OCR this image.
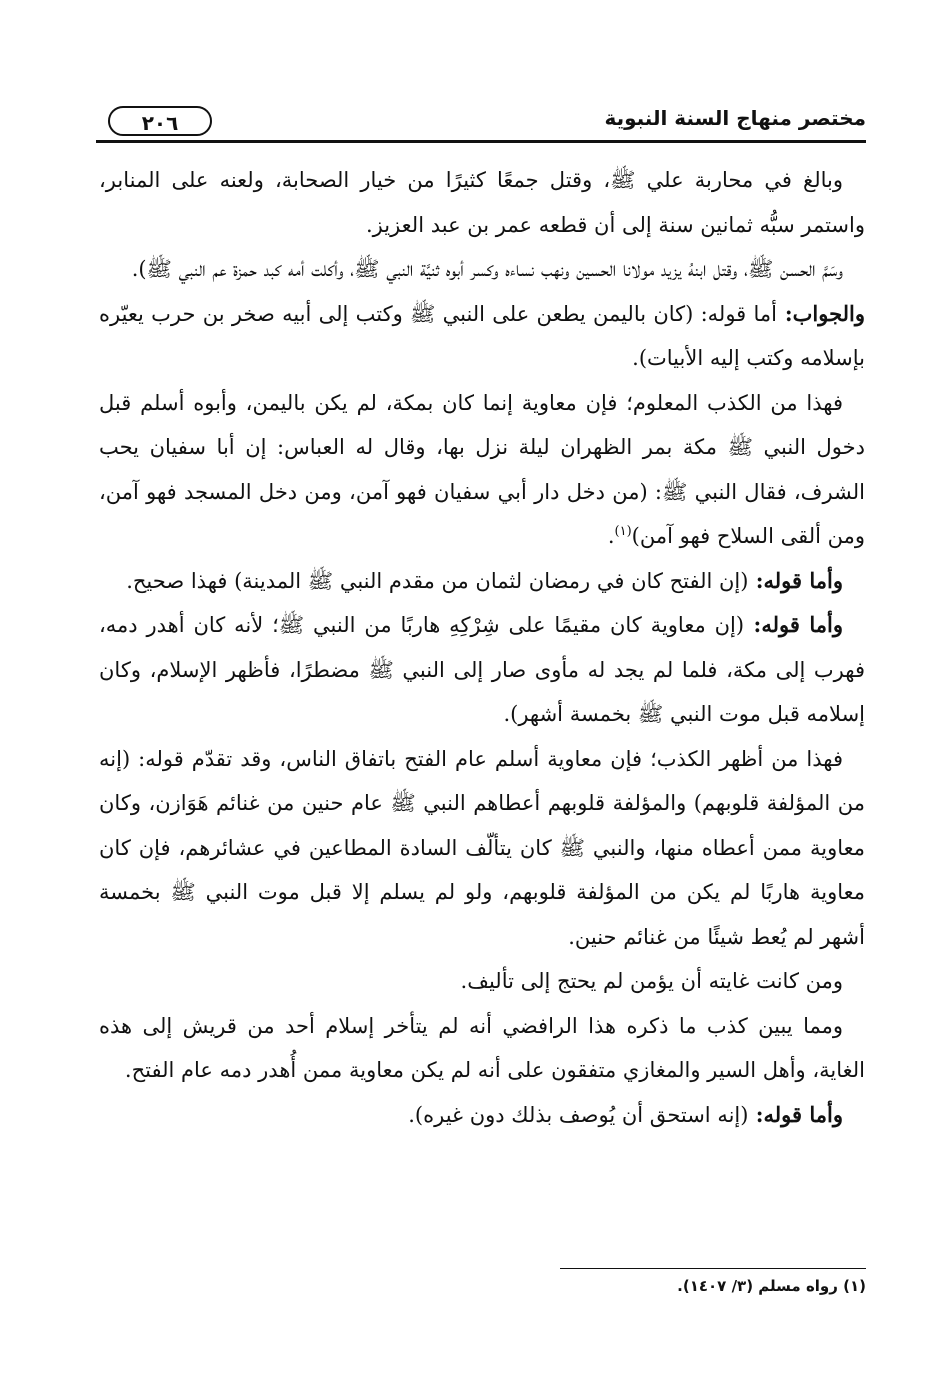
٢٠٦	مختصر منهاج السنة النبوية

وبالغ في محاربة علي ﷺ، وقتل جمعًا كثيرًا من خيار الصحابة، ولعنه على المنابر، واستمر سبُّه ثمانين سنة إلى أن قطعه عمر بن عبد العزيز.

وسَمَّ الحسن ﷺ، وقتل ابنهُ يزيد مولانا الحسين ونهب نساءه وكسر أبوه ثنيَّة النبي ﷺ، وأكلت أمه كبد حمزة عم النبي ﷺ).

والجواب: أما قوله: (كان باليمن يطعن على النبي ﷺ وكتب إلى أبيه صخر بن حرب يعيّره بإسلامه وكتب إليه الأبيات).

فهذا من الكذب المعلوم؛ فإن معاوية إنما كان بمكة، لم يكن باليمن، وأبوه أسلم قبل دخول النبي ﷺ مكة بمر الظهران ليلة نزل بها، وقال له العباس: إن أبا سفيان يحب الشرف، فقال النبي ﷺ: (من دخل دار أبي سفيان فهو آمن، ومن دخل المسجد فهو آمن، ومن ألقى السلاح فهو آمن)$^{(١)}$.

وأما قوله: (إن الفتح كان في رمضان لثمان من مقدم النبي ﷺ المدينة) فهذا صحيح.

وأما قوله: (إن معاوية كان مقيمًا على شِرْكِهِ هاربًا من النبي ﷺ؛ لأنه كان أهدر دمه، فهرب إلى مكة، فلما لم يجد له مأوى صار إلى النبي ﷺ مضطرًا، فأظهر الإسلام، وكان إسلامه قبل موت النبي ﷺ بخمسة أشهر).

فهذا من أظهر الكذب؛ فإن معاوية أسلم عام الفتح باتفاق الناس، وقد تقدّم قوله: (إنه من المؤلفة قلوبهم) والمؤلفة قلوبهم أعطاهم النبي ﷺ عام حنين من غنائم هَوَازن، وكان معاوية ممن أعطاه منها، والنبي ﷺ كان يتألّف السادة المطاعين في عشائرهم، فإن كان معاوية هاربًا لم يكن من المؤلفة قلوبهم، ولو لم يسلم إلا قبل موت النبي ﷺ بخمسة أشهر لم يُعط شيئًا من غنائم حنين.

ومن كانت غايته أن يؤمن لم يحتج إلى تأليف.

ومما يبين كذب ما ذكره هذا الرافضي أنه لم يتأخر إسلام أحد من قريش إلى هذه الغاية، وأهل السير والمغازي متفقون على أنه لم يكن معاوية ممن أُهدر دمه عام الفتح.

وأما قوله: (إنه استحق أن يُوصف بذلك دون غيره).

(١) رواه مسلم (٣/ ١٤٠٧).
